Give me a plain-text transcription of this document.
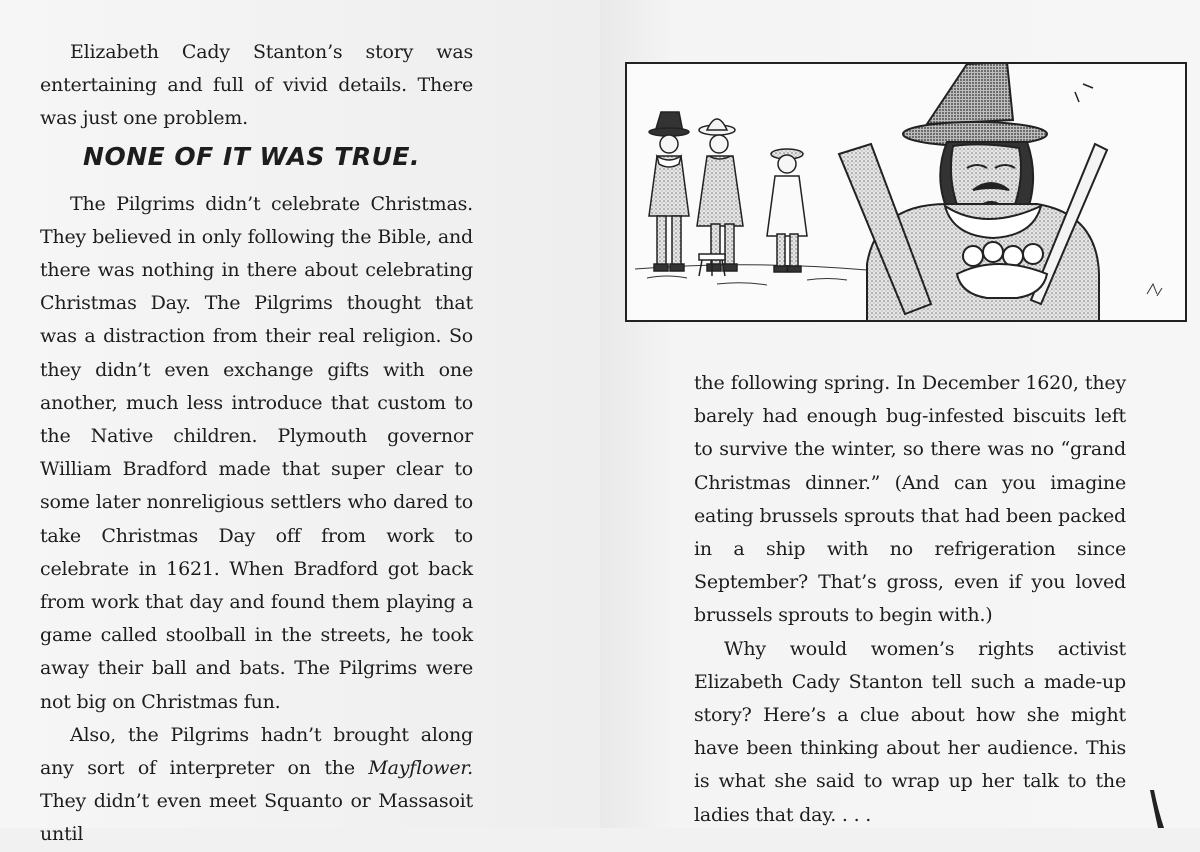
Elizabeth Cady Stanton’s story was entertaining and full of vivid details. There was just one problem.

NONE OF IT WAS TRUE.

The Pilgrims didn’t celebrate Christmas. They believed in only following the Bible, and there was nothing in there about celebrating Christmas Day. The Pilgrims thought that was a distraction from their real religion. So they didn’t even exchange gifts with one another, much less introduce that custom to the Native children. Plymouth governor William Bradford made that super clear to some later nonreligious settlers who dared to take Christmas Day off from work to celebrate in 1621. When Bradford got back from work that day and found them playing a game called stoolball in the streets, he took away their ball and bats. The Pilgrims were not big on Christmas fun.

Also, the Pilgrims hadn’t brought along any sort of interpreter on the Mayflower. They didn’t even meet Squanto or Massasoit until

the following spring. In December 1620, they barely had enough bug-infested biscuits left to survive the winter, so there was no “grand Christmas dinner.” (And can you imagine eating brussels sprouts that had been packed in a ship with no refrigeration since September? That’s gross, even if you loved brussels sprouts to begin with.)

Why would women’s rights activist Elizabeth Cady Stanton tell such a made-up story? Here’s a clue about how she might have been thinking about her audience. This is what she said to wrap up her talk to the ladies that day. . . .
